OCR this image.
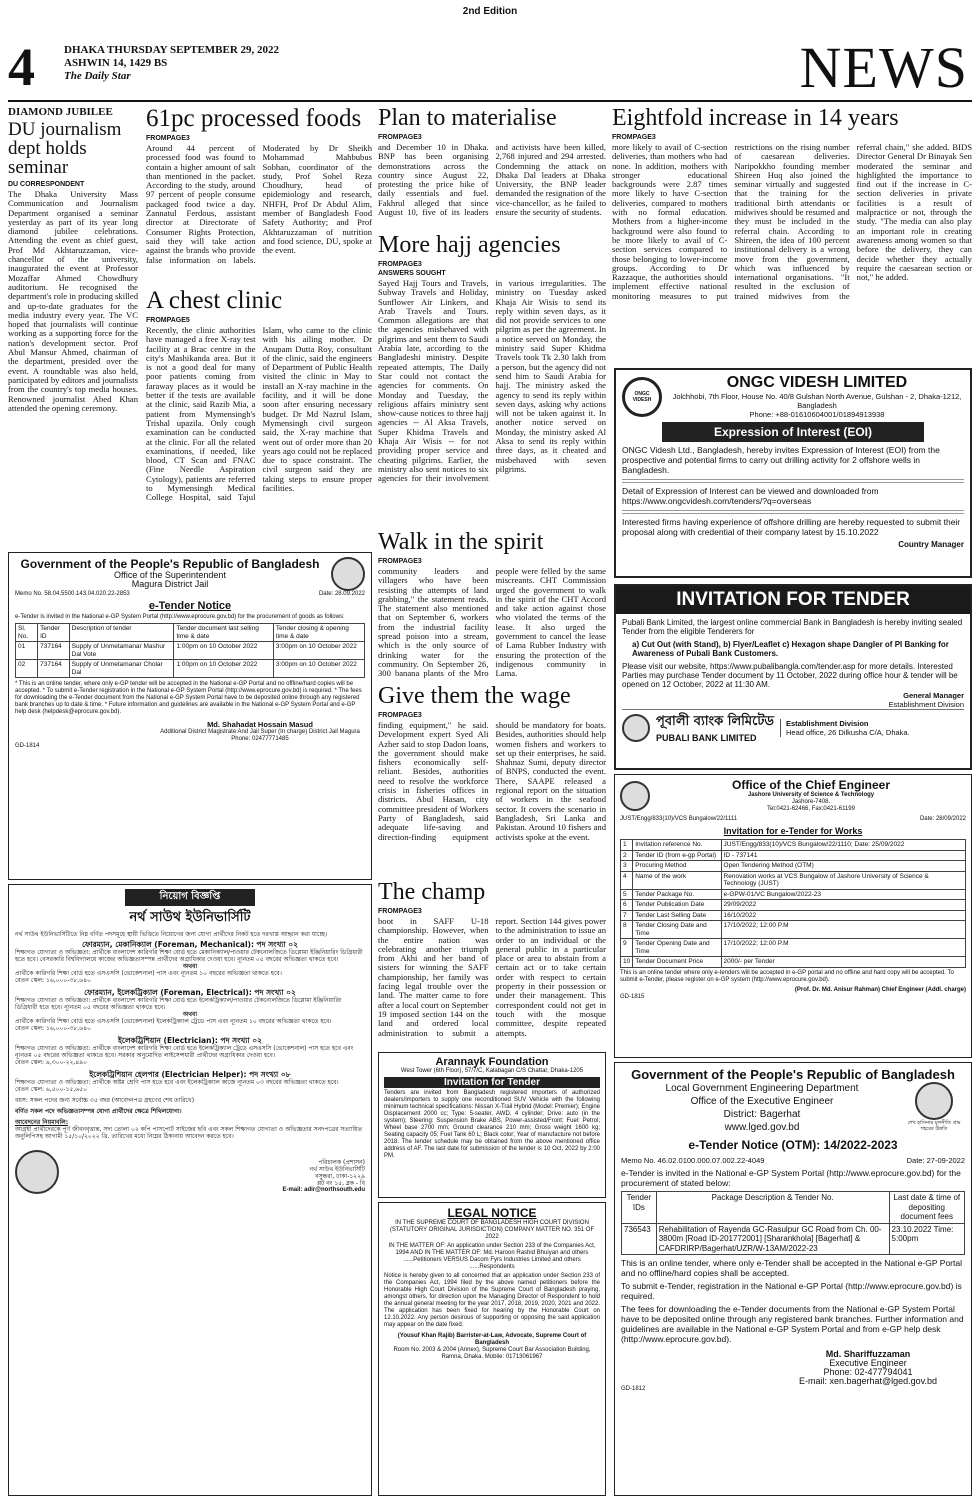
2nd Edition
4	DHAKA THURSDAY SEPTEMBER 29, 2022
ASHWIN 14, 1429 BS
The Daily Star	NEWS
DIAMOND JUBILEE
DU journalism dept holds seminar
DU CORRESPONDENT
The Dhaka University Mass Communication and Journalism Department organised a seminar yesterday as part of its year long diamond jubilee celebrations. Attending the event as chief guest, Prof Md Akhtaruzzaman, vice-chancellor of the university, inaugurated the event at Professor Mozaffar Ahmed Chowdhury auditorium. He recognised the department's role in producing skilled and up-to-date graduates for the media industry every year. The VC hoped that journalists will continue working as a supporting force for the nation's development sector. Prof Abul Mansur Ahmed, chairman of the department, presided over the event. A roundtable was also held, participated by editors and journalists from the country's top media houses. Renowned journalist Abed Khan attended the opening ceremony.
61pc processed foods
FROMPAGE3
Around 44 percent of processed food was found to contain a higher amount of salt than mentioned in the packet. According to the study, around 97 percent of people consume packaged food twice a day. Zannatul Ferdous, assistant director at Directorate of Consumer Rights Protection, said they will take action against the brands who provide false information on labels. Moderated by Dr Sheikh Mohammad Mahbubus Sobhan, coordinator of the study, Prof Sohel Reza Choudhury, head of epidemiology and research, NHFH, Prof Dr Abdul Alim, member of Bangladesh Food Safety Authority; and Prof Akhtaruzzaman of nutrition and food science, DU, spoke at the event.
A chest clinic
FROMPAGE5
Recently, the clinic authorities have managed a free X-ray test facility at a Brac centre in the city's Mashikanda area. But it is not a good deal for many poor patients coming from faraway places as it would be better if the tests are available at the clinic, said Razib Mia, a patient from Mymensingh's Trishal upazila. Only cough examination can be conducted at the clinic. For all the related examinations, if needed, like blood, CT Scan and FNAC (Fine Needle Aspiration Cytology), patients are referred to Mymensingh Medical College Hospital, said Tajul Islam, who came to the clinic with his ailing mother. Dr Anupam Dutta Roy, consultant of the clinic, said the engineers of Department of Public Health visited the clinic in May to install an X-ray machine in the facility, and it will be done soon after ensuring necessary budget. Dr Md Nazrul Islam, Mymensingh civil surgeon said, the X-ray machine that went out of order more than 20 years ago could not be replaced due to space constraint. The civil surgeon said they are taking steps to ensure proper facilities.
Plan to materialise
FROMPAGE3
and December 10 in Dhaka. BNP has been organising demonstrations across the country since August 22, protesting the price hike of daily essentials and fuel. Fakhrul alleged that since August 10, five of its leaders and activists have been killed, 2,768 injured and 294 arrested. Condemning the attack on Dhaka Dal leaders at Dhaka University, the BNP leader demanded the resignation of the vice-chancellor, as he failed to ensure the security of students.
More hajj agencies
FROMPAGE3
ANSWERS SOUGHT
Sayed Hajj Tours and Travels, Subway Travels and Holiday, Sunflower Air Linkers, and Arab Travels and Tours. Common allegations are that the agencies misbehaved with pilgrims and sent them to Saudi Arabia late, according to the Bangladeshi ministry. Despite repeated attempts, The Daily Star could not contact the agencies for comments. On Monday and Tuesday, the religious affairs ministry sent show-cause notices to three hajj agencies -- Al Aksa Travels, Super Khidma Travels and Khaja Air Wisis -- for not providing proper service and cheating pilgrims. Earlier, the ministry also sent notices to six agencies for their involvement in various irregularities. The ministry on Tuesday asked Khaja Air Wisis to send its reply within seven days, as it did not provide services to one pilgrim as per the agreement. In a notice served on Monday, the ministry said Super Khidma Travels took Tk 2.30 lakh from a person, but the agency did not send him to Saudi Arabia for hajj. The ministry asked the agency to send its reply within seven days, asking why actions will not be taken against it. In another notice served on Monday, the ministry asked Al Aksa to send its reply within three days, as it cheated and misbehaved with seven pilgrims.
Walk in the spirit
FROMPAGE3
community leaders and villagers who have been resisting the attempts of land grabbing," the statement reads. The statement also mentioned that on September 6, workers from the industrial facility spread poison into a stream, which is the only source of drinking water for the community. On September 26, 300 banana plants of the Mro people were felled by the same miscreants. CHT Commission urged the government to walk in the spirit of the CHT Accord and take action against those who violated the terms of the lease. It also urged the government to cancel the lease of Lama Rubber Industry with ensuring the protection of the indigenous community in Lama.
Give them the wage
FROMPAGE3
finding equipment," he said. Development expert Syed Ali Azher said to stop Dadon loans, the government should make fishers economically self-reliant. Besides, authorities need to resolve the workforce crisis in fisheries offices in districts. Abul Hasan, city committee president of Workers Party of Bangladesh, said adequate life-saving and direction-finding equipment should be mandatory for boats. Besides, authorities should help women fishers and workers to set up their enterprises, he said. Shahnaz Sumi, deputy director of BNPS, conducted the event. There, SAAPE released a regional report on the situation of workers in the seafood sector. It covers the scenario in Bangladesh, Sri Lanka and Pakistan. Around 10 fishers and activists spoke at the event.
The champ
FROMPAGE3
boot in SAFF U-18 championship. However, when the entire nation was celebrating another triumph from Akhi and her band of sisters for winning the SAFF championship, her family was facing legal trouble over the land. The matter came to fore after a local court on September 19 imposed section 144 on the land and ordered local administration to submit a report. Section 144 gives power to the administration to issue an order to an individual or the general public in a particular place or area to abstain from a certain act or to take certain order with respect to certain property in their possession or under their management. This correspondent could not get in touch with the mosque committee, despite repeated attempts.
Eightfold increase in 14 years
FROMPAGE3
more likely to avail of C-section deliveries, than mothers who had none. In addition, mothers with stronger educational backgrounds were 2.87 times more likely to have C-section deliveries, compared to mothers with no formal education. Mothers from a higher-income background were also found to be more likely to avail of C-section services compared to those belonging to lower-income groups. According to Dr Razzaque, the authorities should implement effective national monitoring measures to put restrictions on the rising number of caesarean deliveries. Naripokkho founding member Shireen Huq also joined the seminar virtually and suggested that the training for the traditional birth attendants or midwives should be resumed and they must be included in the referral chain. According to Shireen, the idea of 100 percent institutional delivery is a wrong move from the government, which was influenced by international organisations. "It resulted in the exclusion of trained midwives from the referral chain," she added. BIDS Director General Dr Binayak Sen moderated the seminar and highlighted the importance to find out if the increase in C-section deliveries in private facilities is a result of malpractice or not, through the study. "The media can also play an important role in creating awareness among women so that before the delivery, they can decide whether they actually require the caesarean section or not," he added.
ONGC VIDESH
ONGC VIDESH LIMITED
Jolchhobi, 7th Floor, House No. 40/8 Gulshan North Avenue, Gulshan - 2, Dhaka-1212, Bangladesh
Phone: +88-01610604001/01894913938
Expression of Interest (EOI)
ONGC Videsh Ltd., Bangladesh, hereby invites Expression of Interest (EOI) from the prospective and potential firms to carry out drilling activity for 2 offshore wells in Bangladesh.
Detail of Expression of Interest can be viewed and downloaded from https://www.ongcvidesh.com/tenders/?q=overseas
Interested firms having experience of offshore drilling are hereby requested to submit their proposal along with credential of their company latest by 15.10.2022
Country Manager
INVITATION FOR TENDER
Pubali Bank Limited, the largest online commercial Bank in Bangladesh is hereby inviting sealed Tender from the eligible Tenderers for
a) Cut Out (with Stand), b) Flyer/Leaflet c) Hexagon shape Dangler of PI Banking for Awareness of Pubali Bank Customers.
Please visit our website, https://www.pubalibangla.com/tender.asp for more details. Interested Parties may purchase Tender document by 11 October, 2022 during office hour & tender will be opened on 12 October, 2022 at 11:30 AM.
General Manager
Establishment Division
পূবালী ব্যাংক লিমিটেড
PUBALI BANK LIMITED
Establishment Division
Head office, 26 Dilkusha C/A, Dhaka.
Government of the People's Republic of Bangladesh
Office of the Superintendent
Magura District Jail
Memo No. 58.04.5500.143.04.020.22-2853	Date: 28.09.2022
e-Tender Notice
e-Tender is invited in the National e-GP System Portal (http://www.eprocure.gov.bd) for the procurement of goods as follows:
Sl. No.	Tender ID	Description of tender	Tender document last selling time & date	Tender closing & opening time & date
01	737164	Supply of Unmetamanar Mashur Dal Vote	1:00pm on 10 October 2022	3:00pm on 10 October 2022
02	737164	Supply of Unmetamanar Cholar Dal	1:00pm on 10 October 2022	3:00pm on 10 October 2022
* This is an online tender, where only e-GP tender will be accepted in the National e-GP Portal and no offline/hard copies will be accepted. * To submit e-Tender registration in the National e-GP System Portal (http://www.eprocure.gov.bd) is required. * The fees for downloading the e-Tender document from the National e-GP System Portal have to be deposited online through any registered bank branches up to date & time. * Future information and guidelines are available in the National e-GP System Portal and e-GP help desk (helpdesk@eprocure.gov.bd).
Md. Shahadat Hossain Masud
Additional District Magistrate And Jail Super (In charge) District Jail Magura
Phone: 02477771485
GD-1814
নিয়োগ বিজ্ঞপ্তি
নর্থ সাউথ ইউনিভার্সিটি
নর্থ সাউথ ইউনিভার্সিটিতে নিম্ন বর্ণিত পদসমূহে স্থায়ী ভিত্তিতে নিয়োগের জন্য যোগ্য প্রার্থীদের নিকট হতে দরখাস্ত আহ্বান করা যাচ্ছে।
ফোরম্যান, মেকানিক্যাল (Foreman, Mechanical): পদ সংখ্যা ০২
শিক্ষাগত যোগ্যতা ও অভিজ্ঞতা: প্রার্থীকে বাংলাদেশ কারিগরি শিক্ষা বোর্ড হতে মেকানিক্যাল/পাওয়ার টেকনোলজিতে ডিপ্লোমা ইঞ্জিনিয়ারিং ডিগ্রিধারী হতে হবে। বেসরকারি বিশ্ববিদ্যালয়ে কাজের অভিজ্ঞতাসম্পন্ন প্রার্থীদের অগ্রাধিকার দেওয়া হবে। ন্যূনতম ০৫ বছরের অভিজ্ঞতা থাকতে হবে।
অথবা
প্রার্থীকে কারিগরি শিক্ষা বোর্ড হতে এসএসসি (ভোকেশনাল) পাস এবং ন্যূনতম ১০ বছরের অভিজ্ঞতা থাকতে হবে।
বেতন স্কেল: ১৬,০০০-৩৮,৬৪০
ফোরম্যান, ইলেকট্রিক্যাল (Foreman, Electrical): পদ সংখ্যা ০২
শিক্ষাগত যোগ্যতা ও অভিজ্ঞতা: প্রার্থীকে বাংলাদেশ কারিগরি শিক্ষা বোর্ড হতে ইলেকট্রিক্যাল/পাওয়ার টেকনোলজিতে ডিপ্লোমা ইঞ্জিনিয়ারিং ডিগ্রিধারী হতে হবে। ন্যূনতম ০৫ বছরের অভিজ্ঞতা থাকতে হবে।
অথবা
প্রার্থীকে কারিগরি শিক্ষা বোর্ড হতে এসএসসি (ভোকেশনাল) ইলেকট্রিক্যাল ট্রেডে পাস এবং ন্যূনতম ১০ বছরের অভিজ্ঞতা থাকতে হবে।
বেতন স্কেল: ১৬,০০০-৩৮,৬৪০
ইলেকট্রিশিয়ান (Electrician): পদ সংখ্যা ০২
শিক্ষাগত যোগ্যতা ও অভিজ্ঞতা: প্রার্থীকে বাংলাদেশ কারিগরি শিক্ষা বোর্ড হতে ইলেকট্রিক্যাল ট্রেডে এসএসসি (ভোকেশনাল) পাস হতে হবে এবং ন্যূনতম ০৫ বছরের অভিজ্ঞতা থাকতে হবে। সরকার অনুমোদিত লাইসেন্সধারী প্রার্থীদের অগ্রাধিকার দেওয়া হবে।
বেতন স্কেল: ৯,৩০০-২২,৪৯০
ইলেকট্রিশিয়ান হেলপার (Electrician Helper): পদ সংখ্যা ০৮
শিক্ষাগত যোগ্যতা ও অভিজ্ঞতা: প্রার্থীকে অষ্টম শ্রেণি পাস হতে হবে এবং ইলেকট্রিক্যাল কাজে ন্যূনতম ০৩ বছরের অভিজ্ঞতা থাকতে হবে।
বেতন স্কেল: ৬,৫০০-১৫,৬৫০
বয়স: সকল পদের জন্য সর্বোচ্চ ৩৫ বছর (আবেদনপত্র গ্রহণের শেষ তারিখে)
বর্ণিত সকল পদে অভিজ্ঞতাসম্পন্ন যোগ্য প্রার্থীদের ক্ষেত্রে শিথিলযোগ্য।
আবেদনের নিয়মাবলি:
আগ্রহী প্রার্থীদেরকে পূর্ণ জীবনবৃত্তান্ত, সদ্য তোলা ০২ কপি পাসপোর্ট সাইজের ছবি এবং সকল শিক্ষাগত যোগ্যতা ও অভিজ্ঞতার সনদপত্রের সত্যায়িত অনুলিপিসহ আগামী ১৫/১০/২০২২ খ্রি. তারিখের মধ্যে নিম্নের ঠিকানায় আবেদন করতে হবে।
পরিচালক (প্রশাসন)
নর্থ সাউথ ইউনিভার্সিটি
বসুন্ধরা, ঢাকা-১২২৯
প্লট নং ১৫, ব্লক - বি
E-mail: adir@northsouth.edu
Arannayk Foundation
West Tower (6th Floor), 57/7/C, Kalabagan C/S Chattar, Dhaka-1205
Invitation for Tender
Tenders are invited from Bangladesh registered importers of authorized dealers/importers to supply one reconditioned SUV Vehicle with the following minimum technical specifications: Nissan X-Trail Hybrid (Model: Premier); Engine Displacement 2000 cc; Type: 5-seater, AWD, 4 cylinder; Drive: auto (in the system); Steering: Suspension Brake ABS, Power-assisted/Front; Fuel: Petrol; Wheel base 2700 mm; Ground clearance 210 mm; Gross weight 1600 kg; Seating capacity 05; Fuel Tank 60 L; Black color; Year of manufacture not before 2018. The tender schedule may be obtained from the above mentioned office address of AF. The last date for submission of the tender is 10 Oct, 2022 by 2:00 PM.
LEGAL NOTICE
IN THE SUPREME COURT OF BANGLADESH HIGH COURT DIVISION (STATUTORY ORIGINAL JURISDICTION) COMPANY MATTER NO. 351 OF 2022
IN THE MATTER OF: An application under Section 233 of the Companies Act, 1994 AND IN THE MATTER OF: Md. Haroon Rashid Bhuiyan and others ......Petitioners VERSUS Dacom Fyrs Industries Limited and others ......Respondents
Notice is hereby given to all concerned that an application under Section 233 of the Companies Act, 1994 filed by the above named petitioners before the Honorable High Court Division of the Supreme Court of Bangladesh praying, amongst others, for direction upon the Managing Director of Respondent to hold the annual general meeting for the year 2017, 2018, 2019, 2020, 2021 and 2022. The application has been fixed for hearing by the Honorable Court on 12.10.2022. Any person desirous of supporting or opposing the said application may appear on the date fixed.
(Yousuf Khan Rajib) Barrister-at-Law, Advocate, Supreme Court of Bangladesh
Room No. 2003 & 2004 (Annex), Supreme Court Bar Association Building, Ramna, Dhaka. Mobile: 01713061967
Office of the Chief Engineer
Jashore University of Science & Technology
Jashore-7408.
Tel:0421-62466, Fax:0421-61199
JUST/Engg/833(10)/VCS Bungalow/22/1111	Date: 28/09/2022
Invitation for e-Tender for Works
1	Invitation reference No.	JUST/Engg/833(10)/VCS Bungalow/22/1110; Date: 25/09/2022
2	Tender ID (from e-gp Portal)	ID - 737141
3	Procuring Method	Open Tendering Method (OTM)
4	Name of the work	Renovation works at VCS Bungalow of Jashore University of Science & Technology (JUST)
5	Tender Package No.	e-GPW-01/VC Bungalow/2022-23
6	Tender Publication Date	29/09/2022
7	Tender Last Selling Date	16/10/2022
8	Tender Closing Date and Time	17/10/2022; 12:00 P.M
9	Tender Opening Date and Time	17/10/2022; 12:00 P.M
10	Tender Document Price	2000/- per Tender
This is an online tender where only e-tenders will be accepted in e-GP portal and no offline and hard copy will be accepted. To submit e-Tender, please register on e-GP system (http://www.eprocure.gov.bd).
(Prof. Dr. Md. Anisur Rahman) Chief Engineer (Addl. charge)
GD-1815
Government of the People's Republic of Bangladesh
Local Government Engineering Department
Office of the Executive Engineer
District: Bagerhat
www.lged.gov.bd	শেখ হাসিনার মূলনীতি গ্রাম শহরের উন্নতি
e-Tender Notice (OTM): 14/2022-2023
Memo No. 46.02.0100.000.07.002.22-4049	Date: 27-09-2022
e-Tender is invited in the National e-GP System Portal (http://www.eprocure.gov.bd) for the procurement of stated below:
Tender IDs	Package Description & Tender No.	Last date & time of depositing document fees
736543	Rehabilitation of Rayenda GC-Rasulpur GC Road from Ch. 00-3800m [Road ID-201772001] [Sharankhola] [Bagerhat] & CAFDRIRP/Bagerhat/UZR/W-13AM/2022-23	23.10.2022 Time: 5:00pm
This is an online tender, where only e-Tender shall be accepted in the National e-GP Portal and no offline/hard copies shall be accepted.
To submit e-Tender, registration in the National e-GP Portal (http://www.eprocure.gov.bd) is required.
The fees for downloading the e-Tender documents from the National e-GP System Portal have to be deposited online through any registered bank branches. Further information and guidelines are available in the National e-GP System Portal and from e-GP help desk (http://www.eprocure.gov.bd).
Md. Shariffuzzaman
Executive Engineer
Phone: 02-477794041
E-mail: xen.bagerhat@lged.gov.bd
GD-1812
